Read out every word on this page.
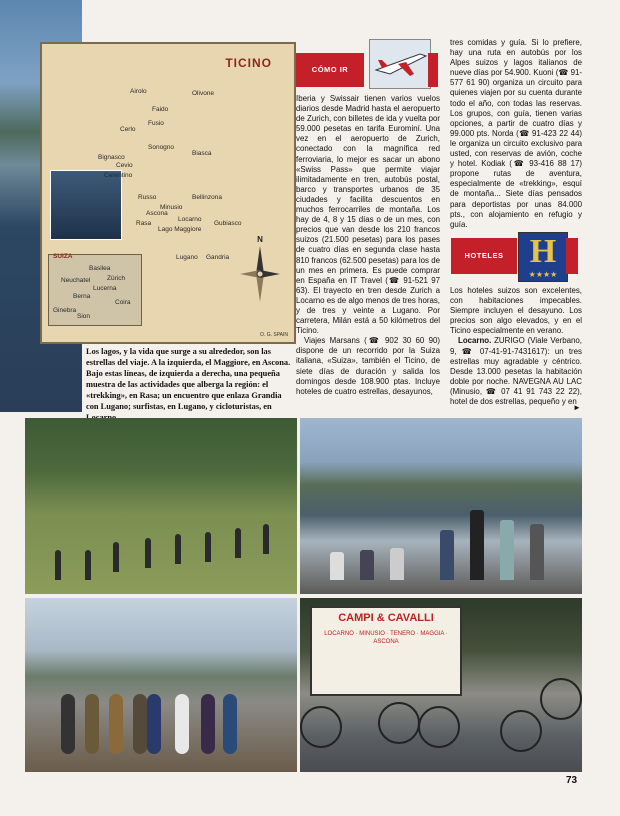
TICINO
Airolo	Olivone
Faido
Fusio
Cerlo
Bignasco
Sonogno
Biasca
Cevio
Cerentino
Russo
Minusio
Bellinzona
Ascona
Locarno
Rasa
Lago Maggiore
Gubiasco
Lugano Gandria
SUIZA
Basilea
Neuchatel	Zürich
Lucerna
Berna
Ginebra
Coira
Sion
N
O. G. SPAIN
Los lagos, y la vida que surge a su alrededor, son las estrellas del viaje. A la izquierda, el Maggiore, en Ascona. Bajo estas líneas, de izquierda a derecha, una pequeña muestra de las actividades que alberga la región: el «trekking», en Rasa; un encuentro que enlaza Grandia con Lugano; surfistas, en Lugano, y cicloturistas, en
CÓMO IR
Iberia y Swissair tienen varios vuelos diarios desde Madrid hasta el aeropuerto de Zurich, con billetes de ida y vuelta por 59.000 pesetas en tarifa Eurominí. Una vez en el aeropuerto de Zurich, conectado con la magnífica red ferroviaria, lo mejor es sacar un abono «Swiss Pass» que permite viajar ilimitadamente en tren, autobús postal, barco y transportes urbanos de 35 ciudades y facilita descuentos en muchos ferrocarriles de montaña. Los hay de 4, 8 y 15 días o de un mes, con precios que van desde los 210 francos suizos (21.500 pesetas) para los pases de cuatro días en segunda clase hasta 810 francos (62.500 pesetas) para los de un mes en primera. Es puede comprar en España en IT Travel (☎ 91-521 97 63). El trayecto en tren desde Zurich a Locarno es de algo menos de tres horas, y de tres y veinte a Lugano. Por carretera, Milán está a 50 kilómetros del Ticino.
Viajes Marsans (☎ 902 30 60 90) dispone de un recorrido por la Suiza italiana, «Suiza», también el Ticino, de siete días de duración y salida los domingos desde 108.900 ptas. Incluye hoteles de cuatro estrellas, desayunos,
tres comidas y guía. Si lo prefiere, hay una ruta en autobús por los Alpes suizos y lagos italianos de nueve días por 54.900. Kuoni (☎ 91-577 61 90) organiza un circuito para quienes viajen por su cuenta durante todo el año, con todas las reservas. Los grupos, con guía, tienen varias opciones, a partir de cuatro días y 99.000 pts. Norda (☎ 91-423 22 44) le organiza un circuito exclusivo para usted, con reservas de avión, coche y hotel. Kodiak (☎ 93-416 88 17) propone rutas de aventura, especialmente de «trekking», esquí de montaña... Siete días pensados para deportistas por unas 84.000 pts., con alojamiento en refugio y guía.
HOTELES H
★★★★
Los hoteles suizos son excelentes, con habitaciones impecables. Siempre incluyen el desayuno. Los precios son algo elevados, y en el Ticino especialmente en verano.
Locarno. ZURIGO (Viale Verbano, 9, ☎ 07-41-91-7431617): un tres estrellas muy agradable y céntrico. Desde 13.000 pesetas la habitación doble por noche. NAVEGNA AU LAC (Minusio, ☎ 07 41 91 743 22 22), hotel de dos estrellas, pequeño y en
►
CAMPI & CAVALLI
LOCARNO · MINUSIO · TENERO · MAGGIA · ASCONA
73
